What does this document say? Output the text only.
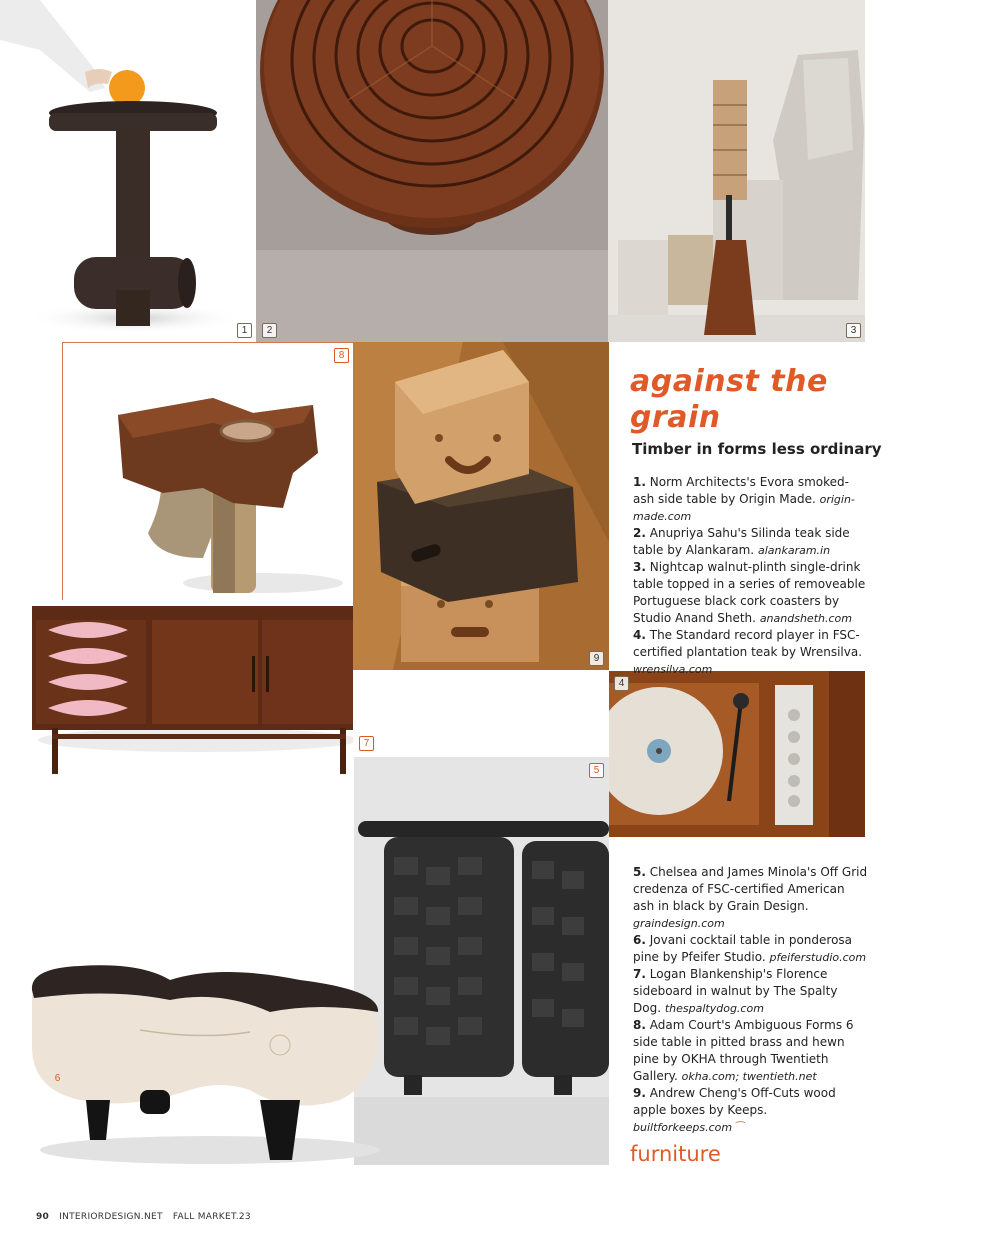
1	2	3
8
9
4
7
5
6
against the
grain
Timber in forms less ordinary

1. Norm Architects's Evora smoked-ash side table by Origin Made. origin-made.com

2. Anupriya Sahu's Silinda teak side table by Alankaram. alankaram.in

3. Nightcap walnut-plinth single-drink table topped in a series of removeable Portuguese black cork coasters by Studio Anand Sheth. anandsheth.com

4. The Standard record player in FSC-certified plantation teak by Wrensilva. wrensilva.com

5. Chelsea and James Minola's Off Grid credenza of FSC-certified American ash in black by Grain Design. graindesign.com

6. Jovani cocktail table in ponderosa pine by Pfeifer Studio. pfeiferstudio.com

7. Logan Blankenship's Florence sideboard in walnut by The Spalty Dog. thespaltydog.com

8. Adam Court's Ambiguous Forms 6 side table in pitted brass and hewn pine by OKHA through Twentieth Gallery. okha.com; twentieth.net

9. Andrew Cheng's Off-Cuts wood apple boxes by Keeps. builtforkeeps.com ⁀

furniture
90 INTERIORDESIGN.NET FALL MARKET.23
